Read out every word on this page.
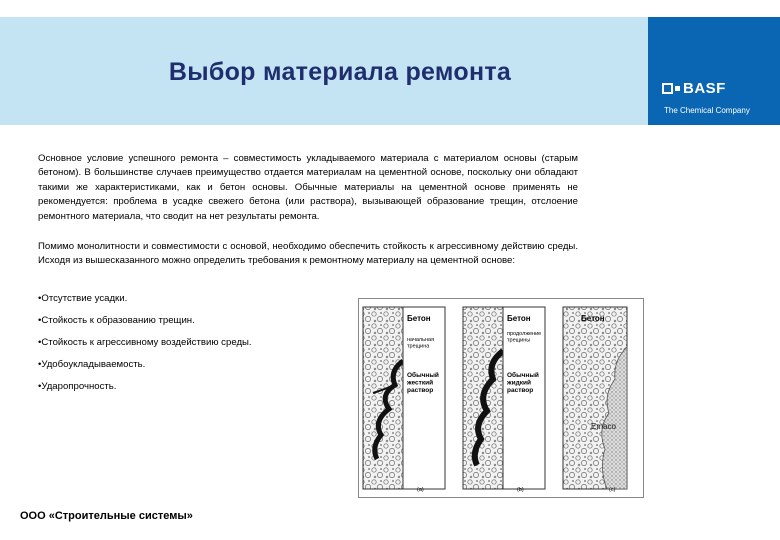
Выбор материала ремонта
BASF
The Chemical Company

Основное условие успешного ремонта – совместимость укладываемого материала с материалом основы (старым бетоном). В большинстве случаев преимущество отдается материалам на цементной основе, поскольку они обладают такими же характеристиками, как и бетон основы. Обычные материалы на цементной основе применять не рекомендуется: проблема в усадке свежего бетона (или раствора), вызывающей образование трещин, отслоение ремонтного материала, что сводит на нет результаты ремонта.

Помимо монолитности и совместимости с основой, необходимо обеспечить стойкость к агрессивному действию среды. Исходя из вышесказанного можно определить требования к ремонтному материалу на цементной основе:

•Отсутствие усадки.
•Стойкость к образованию трещин.
•Стойкость к агрессивному воздействию среды.
•Удобоукладываемость.
•Ударопрочность.
Бетон
начальная трещина
Обычный жесткий раствор
(a)
Бетон
продолжение трещины
Обычный жидкий раствор
(b)
Бетон
Emaco
(c)
ООО «Строительные системы»
